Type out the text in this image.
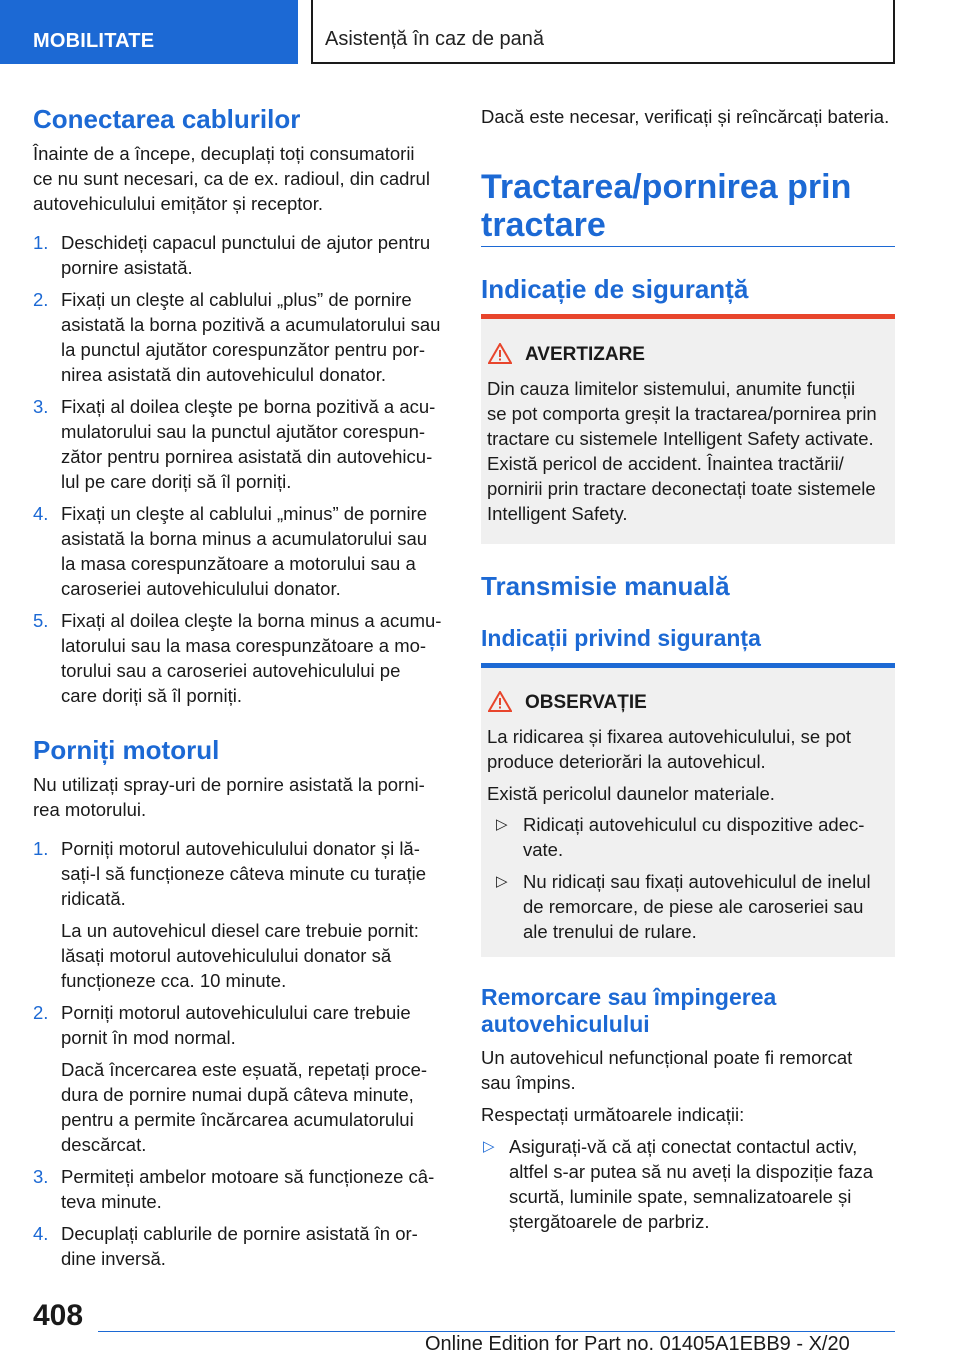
MOBILITATE	Asistență în caz de pană
Conectarea cablurilor
Înainte de a începe, decuplați toți consumatorii
ce nu sunt necesari, ca de ex. radioul, din cadrul
autovehiculului emițător și receptor.
1. Deschideți capacul punctului de ajutor pentru
pornire asistată.
2. Fixați un cleşte al cablului „plus” de pornire
asistată la borna pozitivă a acumulatorului sau
la punctul ajutător corespunzător pentru por-
nirea asistată din autovehiculul donator.
3. Fixați al doilea cleşte pe borna pozitivă a acu-
mulatorului sau la punctul ajutător corespun-
zător pentru pornirea asistată din autovehicu-
lul pe care doriți să îl porniți.
4. Fixați un cleşte al cablului „minus” de pornire
asistată la borna minus a acumulatorului sau
la masa corespunzătoare a motorului sau a
caroseriei autovehiculului donator.
5. Fixați al doilea cleşte la borna minus a acumu-
latorului sau la masa corespunzătoare a mo-
torului sau a caroseriei autovehiculului pe
care doriți să îl porniți.
Porniți motorul
Nu utilizați spray-uri de pornire asistată la porni-
rea motorului.
1. Porniți motorul autovehiculului donator și lă-
sați-l să funcționeze câteva minute cu turație
ridicată.
La un autovehicul diesel care trebuie pornit:
lăsați motorul autovehiculului donator să
funcționeze cca. 10 minute.
2. Porniți motorul autovehiculului care trebuie
pornit în mod normal.
Dacă încercarea este eșuată, repetați proce-
dura de pornire numai după câteva minute,
pentru a permite încărcarea acumulatorului
descărcat.
3. Permiteți ambelor motoare să funcționeze câ-
teva minute.
4. Decuplați cablurile de pornire asistată în or-
dine inversă.
Dacă este necesar, verificați și reîncărcați bateria.
Tractarea/pornirea prin
tractare
Indicație de siguranță
AVERTIZARE
Din cauza limitelor sistemului, anumite funcții
se pot comporta greșit la tractarea/pornirea prin
tractare cu sistemele Intelligent Safety activate.
Există pericol de accident. Înaintea tractării/
pornirii prin tractare deconectați toate sistemele
Intelligent Safety.
Transmisie manuală
Indicații privind siguranța
OBSERVAȚIE
La ridicarea și fixarea autovehiculului, se pot
produce deteriorări la autovehicul.
Există pericolul daunelor materiale.
▷ Ridicați autovehiculul cu dispozitive adec-
vate.
▷ Nu ridicați sau fixați autovehiculul de inelul
de remorcare, de piese ale caroseriei sau
ale trenului de rulare.
Remorcare sau împingerea
autovehiculului
Un autovehicul nefuncțional poate fi remorcat
sau împins.
Respectați următoarele indicații:
▷ Asigurați-vă că ați conectat contactul activ,
altfel s-ar putea să nu aveți la dispoziție faza
scurtă, luminile spate, semnalizatoarele și
ștergătoarele de parbriz.
408
Online Edition for Part no. 01405A1EBB9 - X/20
